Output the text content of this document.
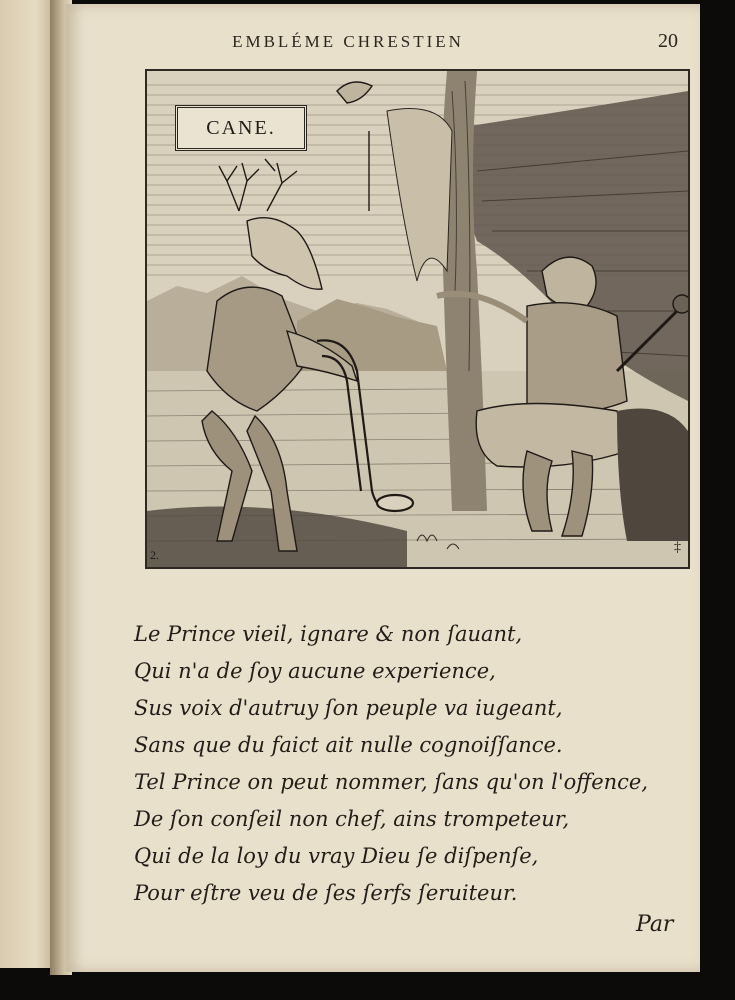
EMBLÉME CHRESTIEN	20
CANE.
2.	‡
Le Prince vieil, ignare & non ſauant,
Qui n'a de ſoy aucune experience,
Sus voix d'autruy ſon peuple va iugeant,
Sans que du faict ait nulle cognoiſſance.
Tel Prince on peut nommer, ſans qu'on l'offence,
De ſon conſeil non chef, ains trompeteur,
Qui de la loy du vray Dieu ſe diſpenſe,
Pour eſtre veu de ſes ſerfs ſeruiteur.
Par
